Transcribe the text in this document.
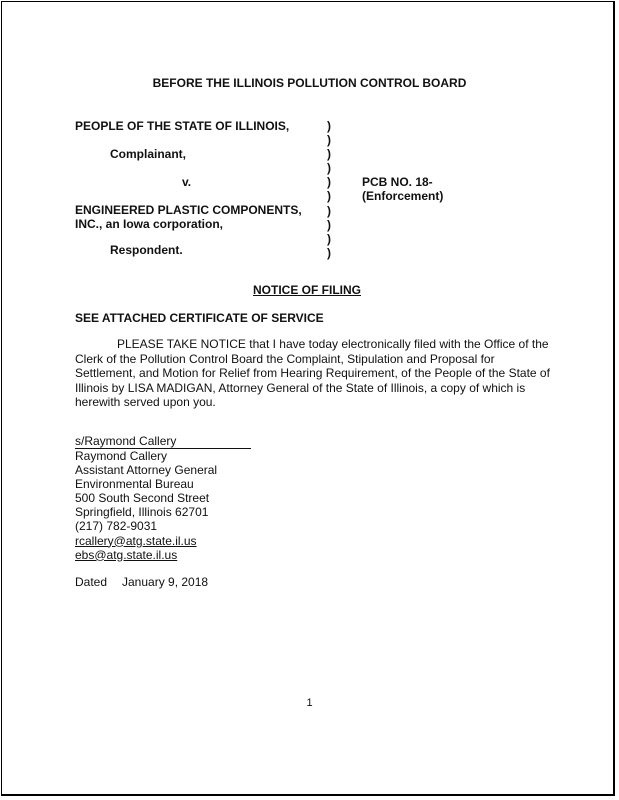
BEFORE THE ILLINOIS POLLUTION CONTROL BOARD
PEOPLE OF THE STATE OF ILLINOIS,
Complainant,
v.
ENGINEERED PLASTIC COMPONENTS,
INC., an Iowa corporation,
Respondent.
)
)
)
)
)
)
)
)
)
)
PCB NO. 18-
(Enforcement)
NOTICE OF FILING
SEE ATTACHED CERTIFICATE OF SERVICE
PLEASE TAKE NOTICE that I have today electronically filed with the Office of the Clerk of the Pollution Control Board the Complaint, Stipulation and Proposal for Settlement, and Motion for Relief from Hearing Requirement, of the People of the State of Illinois by LISA MADIGAN, Attorney General of the State of Illinois, a copy of which is herewith served upon you.
s/Raymond Callery
Raymond Callery
Assistant Attorney General
Environmental Bureau
500 South Second Street
Springfield, Illinois 62701
(217) 782-9031
rcallery@atg.state.il.us
ebs@atg.state.il.us
Dated January 9, 2018
1
